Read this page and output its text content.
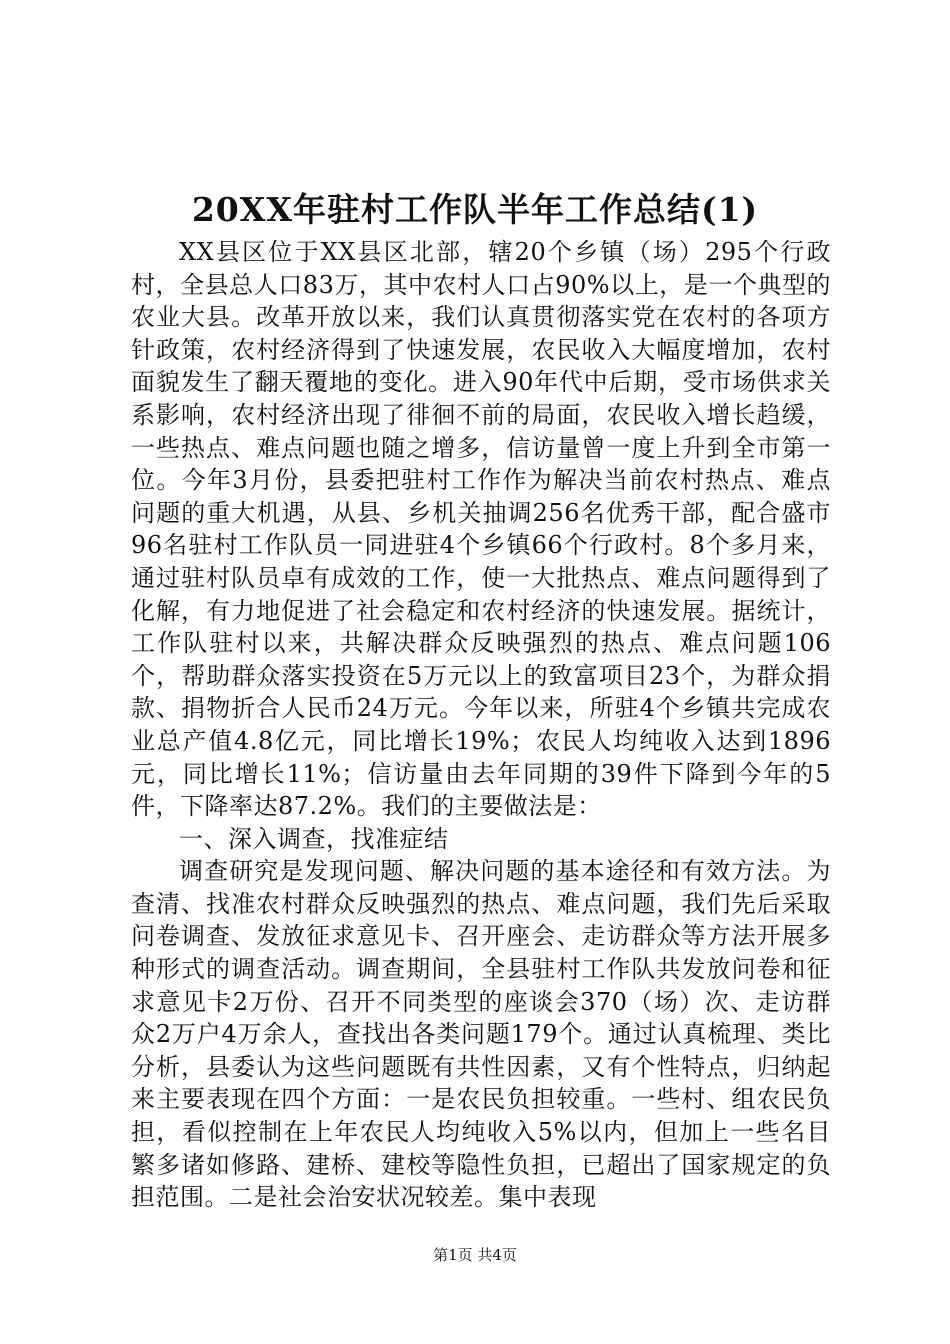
20XX年驻村工作队半年工作总结(1)

XX县区位于XX县区北部，辖20个乡镇（场）295个行政村，全县总人口83万，其中农村人口占90%以上，是一个典型的农业大县。改革开放以来，我们认真贯彻落实党在农村的各项方针政策，农村经济得到了快速发展，农民收入大幅度增加，农村面貌发生了翻天覆地的变化。进入90年代中后期，受市场供求关系影响，农村经济出现了徘徊不前的局面，农民收入增长趋缓，一些热点、难点问题也随之增多，信访量曾一度上升到全市第一位。今年3月份，县委把驻村工作作为解决当前农村热点、难点问题的重大机遇，从县、乡机关抽调256名优秀干部，配合盛市96名驻村工作队员一同进驻4个乡镇66个行政村。8个多月来，通过驻村队员卓有成效的工作，使一大批热点、难点问题得到了化解，有力地促进了社会稳定和农村经济的快速发展。据统计，工作队驻村以来，共解决群众反映强烈的热点、难点问题106个，帮助群众落实投资在5万元以上的致富项目23个，为群众捐款、捐物折合人民币24万元。今年以来，所驻4个乡镇共完成农业总产值4.8亿元，同比增长19%；农民人均纯收入达到1896元，同比增长11%；信访量由去年同期的39件下降到今年的5件，下降率达87.2%。我们的主要做法是：

一、深入调查，找准症结

调查研究是发现问题、解决问题的基本途径和有效方法。为查清、找准农村群众反映强烈的热点、难点问题，我们先后采取问卷调查、发放征求意见卡、召开座会、走访群众等方法开展多种形式的调查活动。调查期间，全县驻村工作队共发放问卷和征求意见卡2万份、召开不同类型的座谈会370（场）次、走访群众2万户4万余人，查找出各类问题179个。通过认真梳理、类比分析，县委认为这些问题既有共性因素，又有个性特点，归纳起来主要表现在四个方面：一是农民负担较重。一些村、组农民负担，看似控制在上年农民人均纯收入5%以内，但加上一些名目繁多诸如修路、建桥、建校等隐性负担，已超出了国家规定的负担范围。二是社会治安状况较差。集中表现

第1页 共4页
